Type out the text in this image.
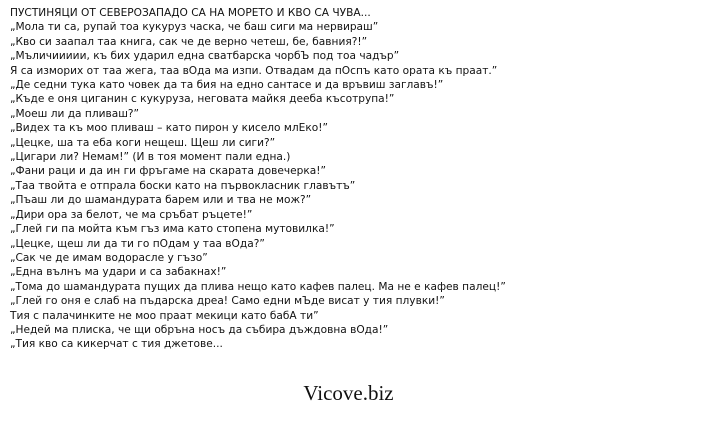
ПУСТИНЯЦИ ОТ СЕВЕРОЗАПАДО СА НА МОРЕТО И КВО СА ЧУВА...
„Мола ти са, рупай тоа кукуруз часка, че баш сиги ма нервираш”
„Кво си заапал таа книга, сак че де верно четеш, бе, бавния?!”
„Мъличиииии, къ бих ударил една сватбарска чорбЪ под тоа чадър”
Я са изморих от таа жега, таа вОда ма изпи. Отвадам да пОспъ като ората къ праат.”
„Де седни тука като човек да та бия на едно сантасе и да връвиш заглавъ!”
„Къде е оня циганин с кукуруза, неговата майкя дееба късотрупа!”
„Моеш ли да пливаш?”
„Видех та къ моо пливаш – като пирон у кисело млЕко!”
„Цецке, ша та еба коги нещеш. Щеш ли сиги?”
„Цигари ли? Немам!” (И в тоя момент пали една.)
„Фани раци и да ин ги фръгаме на скарата довечерка!”
„Таа твойта е отпрала боски като на първокласник главътъ”
„Пъаш ли до шамандурата барем или и тва не мож?”
„Дири ора за белот, че ма сръбат ръцете!”
„Глей ги па мойта към гъз има като стопена мутовилка!”
„Цецке, щеш ли да ти го пОдам у таа вОда?”
„Сак че де имам водорасле у гъзо”
„Една вълнъ ма удари и са забакнах!”
„Тома до шамандурата пущих да плива нещо като кафев палец. Ма не е кафев палец!”
„Глей го оня е слаб на пъдарска дреа! Само едни мЪде висат у тия плувки!”
Тия с палачинките не моо праат мекици като бабА ти”
„Недей ма плиска, че щи обръна носъ да събира дъждовна вОда!”
„Тия кво са кикерчат с тия джетове...
Vicove.biz
